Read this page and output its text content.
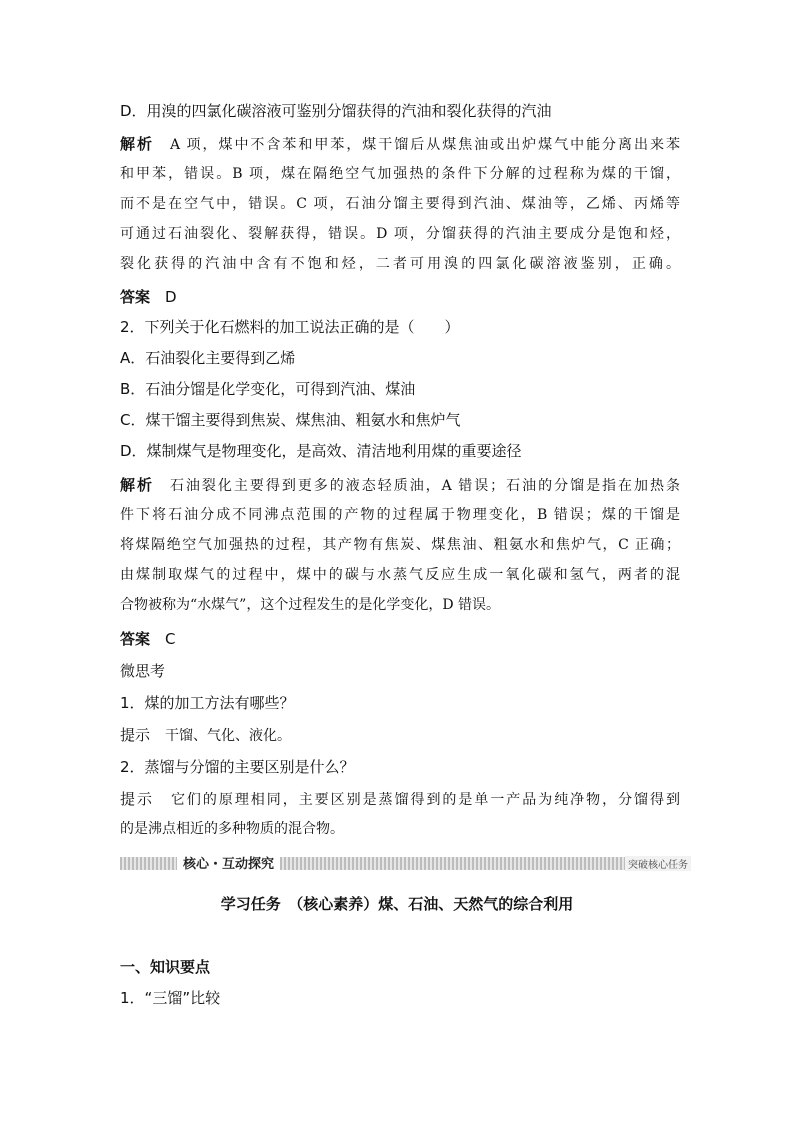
D．用溴的四氯化碳溶液可鉴别分馏获得的汽油和裂化获得的汽油
解析　 A 项，煤中不含苯和甲苯，煤干馏后从煤焦油或出炉煤气中能分离出来苯
和甲苯，错误。B 项，煤在隔绝空气加强热的条件下分解的过程称为煤的干馏，
而不是在空气中，错误。C 项，石油分馏主要得到汽油、煤油等，乙烯、丙烯等
可通过石油裂化、裂解获得，错误。D 项，分馏获得的汽油主要成分是饱和烃，
裂化获得的汽油中含有不饱和烃，二者可用溴的四氯化碳溶液鉴别，正确。
答案　 D
2．下列关于化石燃料的加工说法正确的是（　　）
A．石油裂化主要得到乙烯
B．石油分馏是化学变化，可得到汽油、煤油
C．煤干馏主要得到焦炭、煤焦油、粗氨水和焦炉气
D．煤制煤气是物理变化，是高效、清洁地利用煤的重要途径
解析　 石油裂化主要得到更多的液态轻质油，A 错误；石油的分馏是指在加热条
件下将石油分成不同沸点范围的产物的过程属于物理变化，B 错误；煤的干馏是
将煤隔绝空气加强热的过程，其产物有焦炭、煤焦油、粗氨水和焦炉气，C 正确；
由煤制取煤气的过程中，煤中的碳与水蒸气反应生成一氧化碳和氢气，两者的混
合物被称为“水煤气”，这个过程发生的是化学变化，D 错误。
答案　 C
微思考
1．煤的加工方法有哪些？
提示　 干馏、气化、液化。
2．蒸馏与分馏的主要区别是什么？
提示　 它们的原理相同，主要区别是蒸馏得到的是单一产品为纯净物，分馏得到
的是沸点相近的多种物质的混合物。
核心・互动探究	突破核心任务
学习任务　（核心素养）煤、石油、天然气的综合利用
一、知识要点
1．“三馏”比较
